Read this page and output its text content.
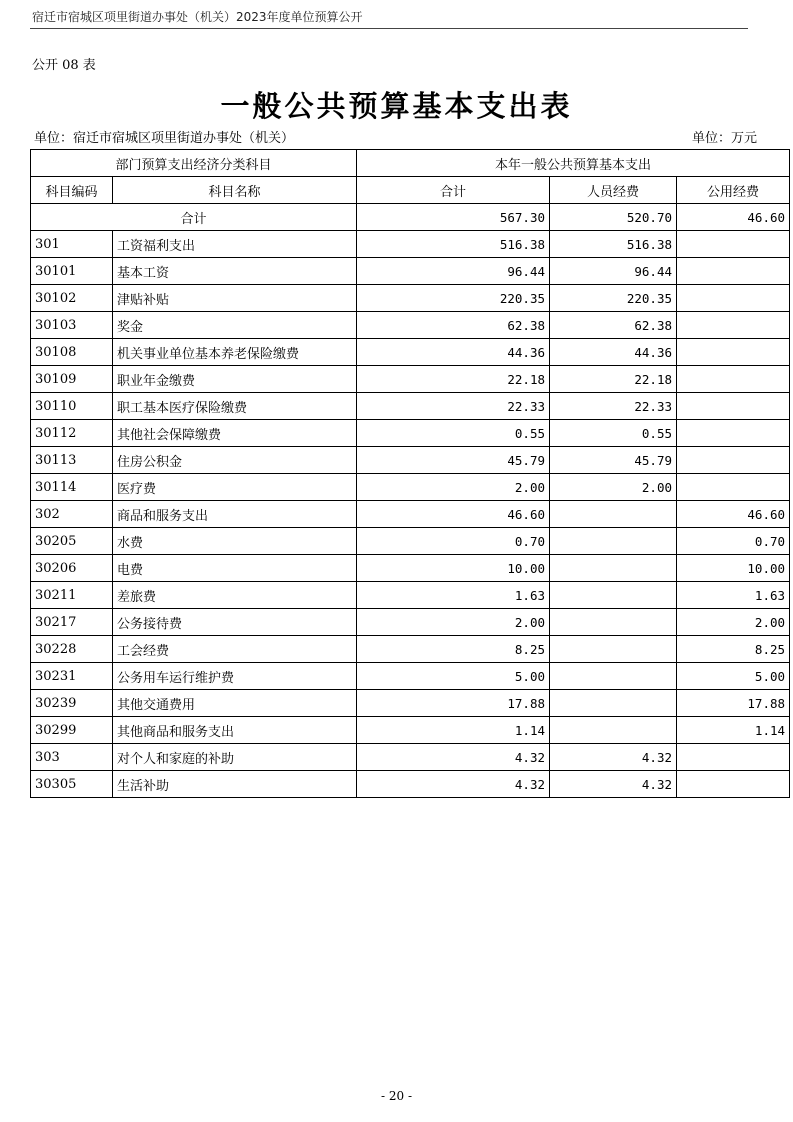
宿迁市宿城区项里街道办事处（机关）2023年度单位预算公开
公开 08 表
一般公共预算基本支出表
单位：宿迁市宿城区项里街道办事处（机关）	单位：万元
部门预算支出经济分类科目		本年一般公共预算基本支出		
科目编码	科目名称	合计	人员经费	公用经费
合计		567.30	520.70	46.60
301	工资福利支出	516.38	516.38	
30101	基本工资	96.44	96.44	
30102	津贴补贴	220.35	220.35	
30103	奖金	62.38	62.38	
30108	机关事业单位基本养老保险缴费	44.36	44.36	
30109	职业年金缴费	22.18	22.18	
30110	职工基本医疗保险缴费	22.33	22.33	
30112	其他社会保障缴费	0.55	0.55	
30113	住房公积金	45.79	45.79	
30114	医疗费	2.00	2.00	
302	商品和服务支出	46.60		46.60
30205	水费	0.70		0.70
30206	电费	10.00		10.00
30211	差旅费	1.63		1.63
30217	公务接待费	2.00		2.00
30228	工会经费	8.25		8.25
30231	公务用车运行维护费	5.00		5.00
30239	其他交通费用	17.88		17.88
30299	其他商品和服务支出	1.14		1.14
303	对个人和家庭的补助	4.32	4.32	
30305	生活补助	4.32	4.32	
- 20 -
